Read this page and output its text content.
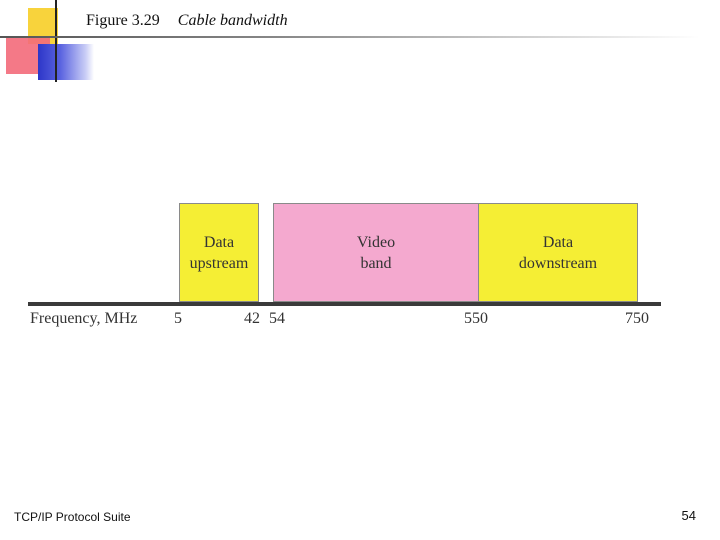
Figure 3.29 Cable bandwidth
Data
upstream
Video
band
Data
downstream
Frequency, MHz 5	42 54	550	750
TCP/IP Protocol Suite	54
